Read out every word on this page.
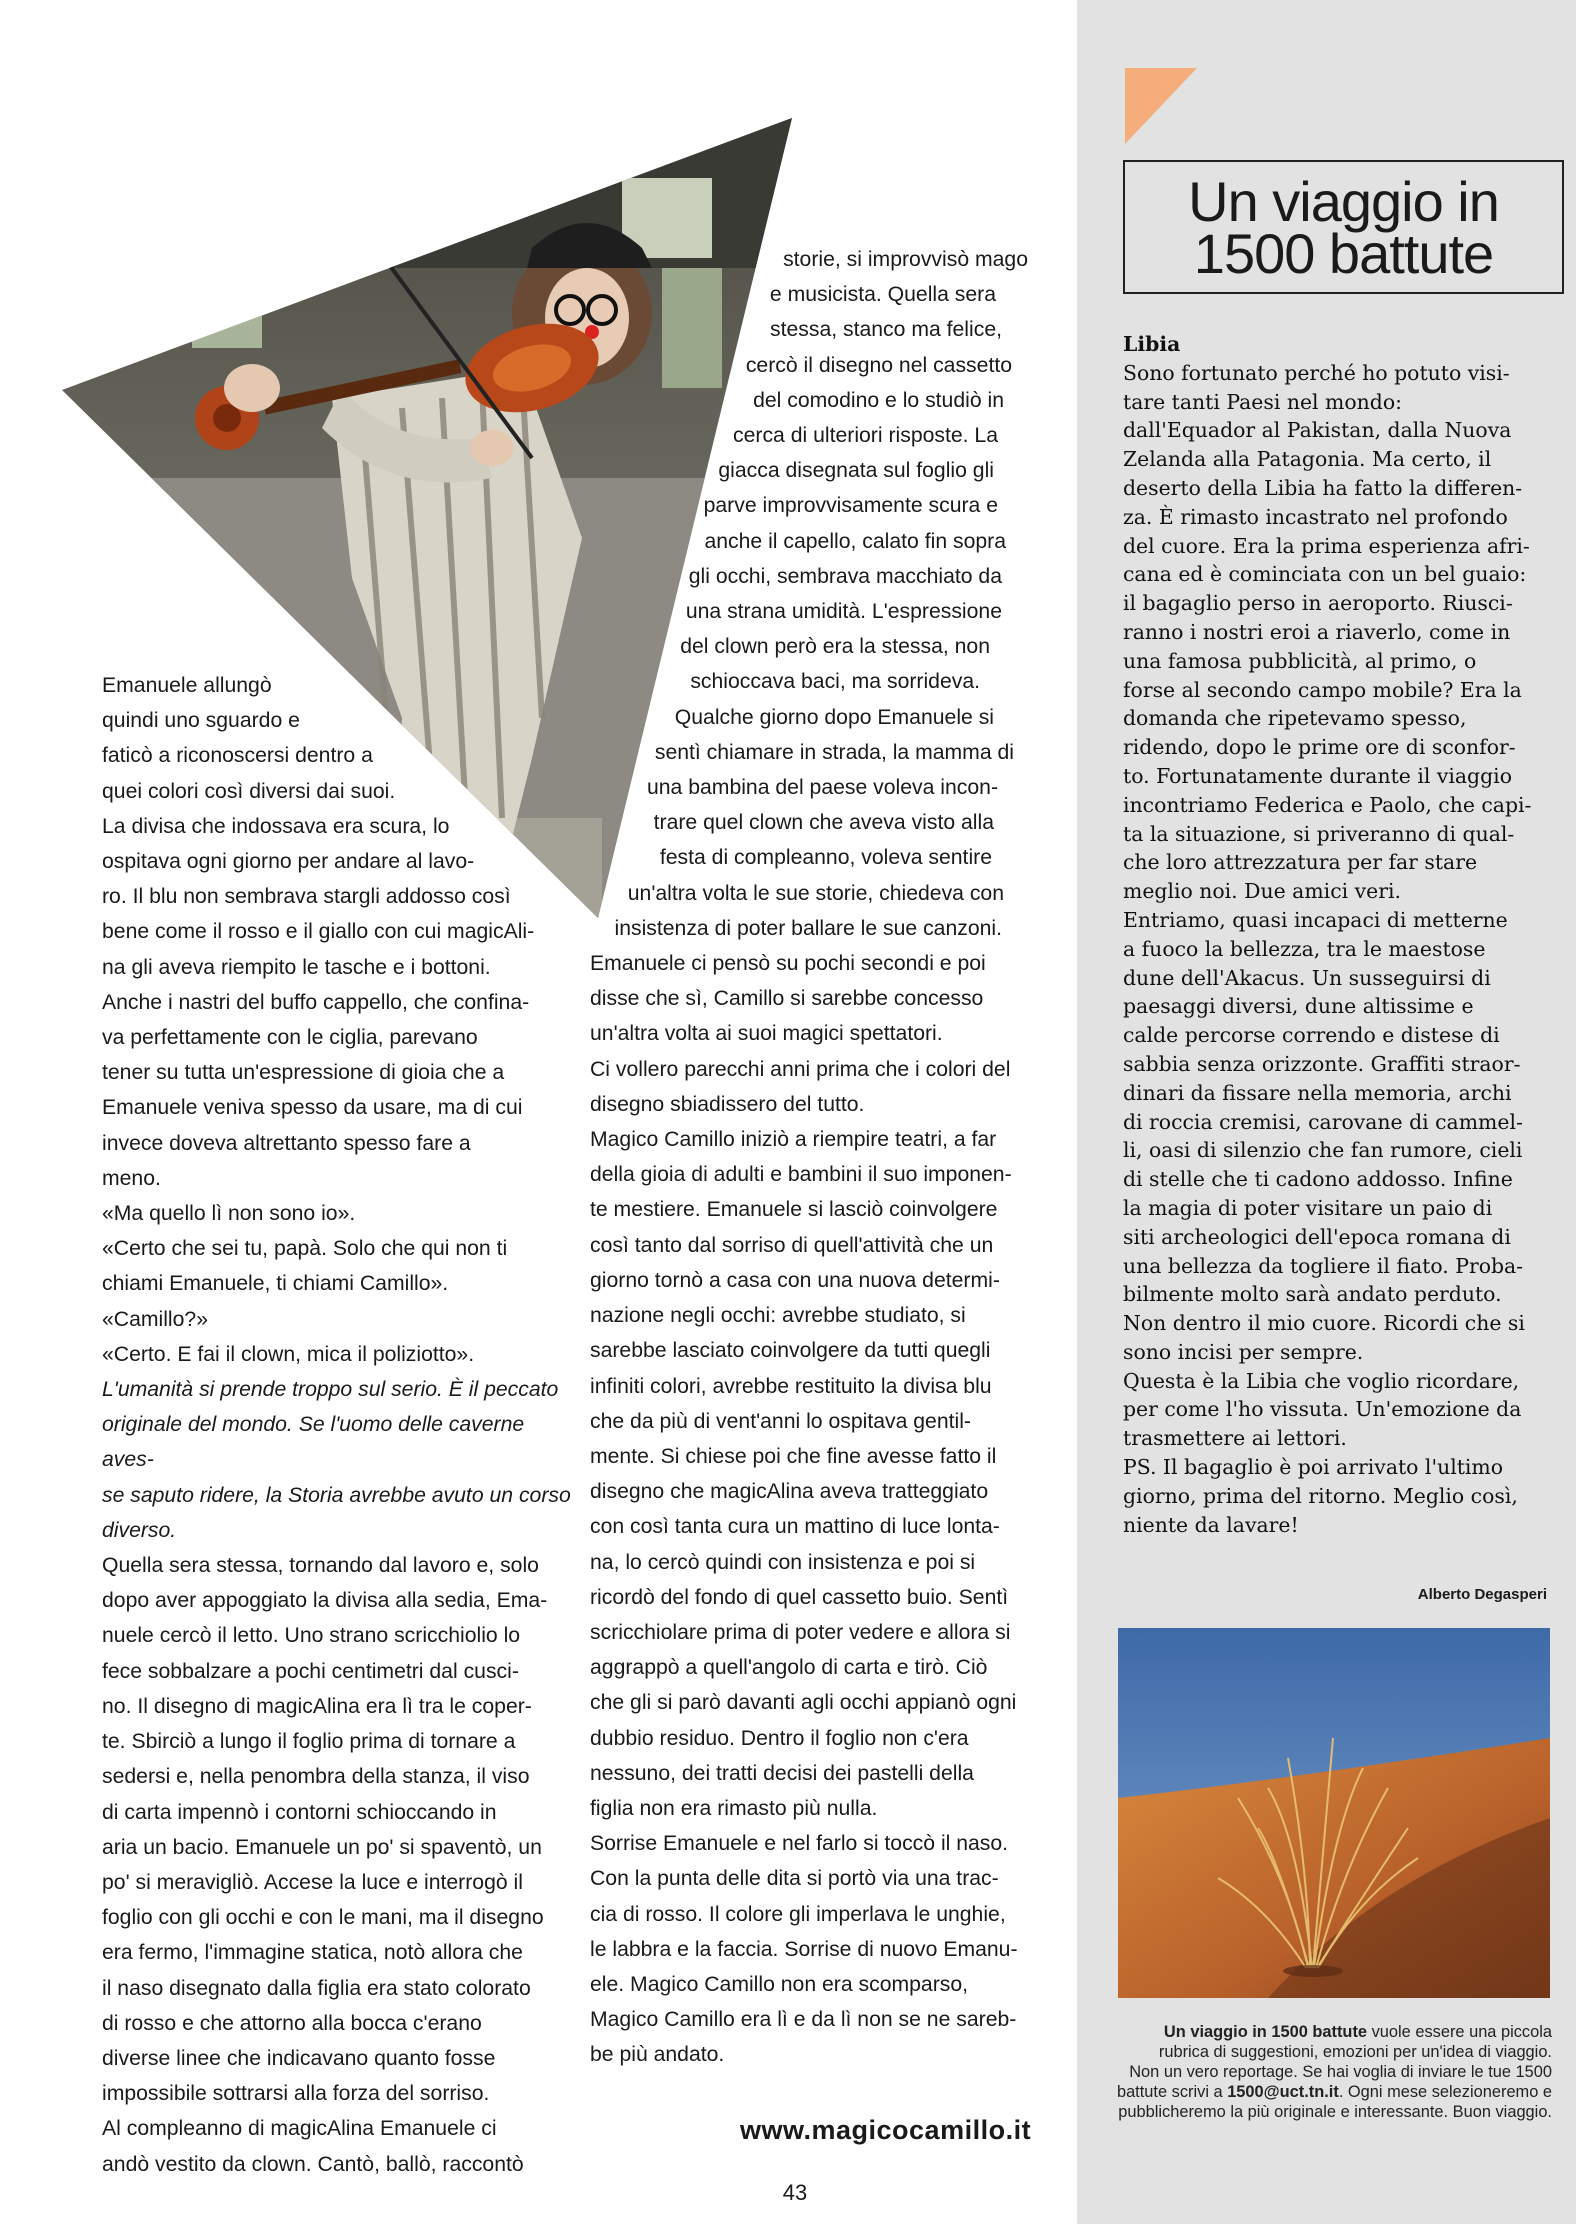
Emanuele allungò
quindi uno sguardo e
faticò a riconoscersi dentro a
quei colori così diversi dai suoi.
La divisa che indossava era scura, lo
ospitava ogni giorno per andare al lavo-
ro. Il blu non sembrava stargli addosso così
bene come il rosso e il giallo con cui magicAli-
na gli aveva riempito le tasche e i bottoni.
Anche i nastri del buffo cappello, che confina-
va perfettamente con le ciglia, parevano
tener su tutta un'espressione di gioia che a
Emanuele veniva spesso da usare, ma di cui
invece doveva altrettanto spesso fare a
meno.
«Ma quello lì non sono io».
«Certo che sei tu, papà. Solo che qui non ti
chiami Emanuele, ti chiami Camillo».
«Camillo?»
«Certo. E fai il clown, mica il poliziotto».
L'umanità si prende troppo sul serio. È il peccato
originale del mondo. Se l'uomo delle caverne aves-
se saputo ridere, la Storia avrebbe avuto un corso
diverso.
Quella sera stessa, tornando dal lavoro e, solo
dopo aver appoggiato la divisa alla sedia, Ema-
nuele cercò il letto. Uno strano scricchiolio lo
fece sobbalzare a pochi centimetri dal cusci-
no. Il disegno di magicAlina era lì tra le coper-
te. Sbirciò a lungo il foglio prima di tornare a
sedersi e, nella penombra della stanza, il viso
di carta impennò i contorni schioccando in
aria un bacio. Emanuele un po' si spaventò, un
po' si meravigliò. Accese la luce e interrogò il
foglio con gli occhi e con le mani, ma il disegno
era fermo, l'immagine statica, notò allora che
il naso disegnato dalla figlia era stato colorato
di rosso e che attorno alla bocca c'erano
diverse linee che indicavano quanto fosse
impossibile sottrarsi alla forza del sorriso.
Al compleanno di magicAlina Emanuele ci
andò vestito da clown. Cantò, ballò, raccontò
storie, si improvvisò mago
e musicista. Quella sera
stessa, stanco ma felice,
cercò il disegno nel cassetto
del comodino e lo studiò in
cerca di ulteriori risposte. La
giacca disegnata sul foglio gli
parve improvvisamente scura e
anche il capello, calato fin sopra
gli occhi, sembrava macchiato da
una strana umidità. L'espressione
del clown però era la stessa, non
schioccava baci, ma sorrideva.
Qualche giorno dopo Emanuele si
sentì chiamare in strada, la mamma di
una bambina del paese voleva incon-
trare quel clown che aveva visto alla
festa di compleanno, voleva sentire
un'altra volta le sue storie, chiedeva con
insistenza di poter ballare le sue canzoni.
Emanuele ci pensò su pochi secondi e poi
disse che sì, Camillo si sarebbe concesso
un'altra volta ai suoi magici spettatori.
Ci vollero parecchi anni prima che i colori del
disegno sbiadissero del tutto.
Magico Camillo iniziò a riempire teatri, a far
della gioia di adulti e bambini il suo imponen-
te mestiere. Emanuele si lasciò coinvolgere
così tanto dal sorriso di quell'attività che un
giorno tornò a casa con una nuova determi-
nazione negli occhi: avrebbe studiato, si
sarebbe lasciato coinvolgere da tutti quegli
infiniti colori, avrebbe restituito la divisa blu
che da più di vent'anni lo ospitava gentil-
mente. Si chiese poi che fine avesse fatto il
disegno che magicAlina aveva tratteggiato
con così tanta cura un mattino di luce lonta-
na, lo cercò quindi con insistenza e poi si
ricordò del fondo di quel cassetto buio. Sentì
scricchiolare prima di poter vedere e allora si
aggrappò a quell'angolo di carta e tirò. Ciò
che gli si parò davanti agli occhi appianò ogni
dubbio residuo. Dentro il foglio non c'era
nessuno, dei tratti decisi dei pastelli della
figlia non era rimasto più nulla.
Sorrise Emanuele e nel farlo si toccò il naso.
Con la punta delle dita si portò via una trac-
cia di rosso. Il colore gli imperlava le unghie,
le labbra e la faccia. Sorrise di nuovo Emanu-
ele. Magico Camillo non era scomparso,
Magico Camillo era lì e da lì non se ne sareb-
be più andato.
www.magicocamillo.it
43
Un viaggio in
1500 battute
Libia
Sono fortunato perché ho potuto visi-
tare tanti Paesi nel mondo:
dall'Equador al Pakistan, dalla Nuova
Zelanda alla Patagonia. Ma certo, il
deserto della Libia ha fatto la differen-
za. È rimasto incastrato nel profondo
del cuore. Era la prima esperienza afri-
cana ed è cominciata con un bel guaio:
il bagaglio perso in aeroporto. Riusci-
ranno i nostri eroi a riaverlo, come in
una famosa pubblicità, al primo, o
forse al secondo campo mobile? Era la
domanda che ripetevamo spesso,
ridendo, dopo le prime ore di sconfor-
to. Fortunatamente durante il viaggio
incontriamo Federica e Paolo, che capi-
ta la situazione, si priveranno di qual-
che loro attrezzatura per far stare
meglio noi. Due amici veri.
Entriamo, quasi incapaci di metterne
a fuoco la bellezza, tra le maestose
dune dell'Akacus. Un susseguirsi di
paesaggi diversi, dune altissime e
calde percorse correndo e distese di
sabbia senza orizzonte. Graffiti straor-
dinari da fissare nella memoria, archi
di roccia cremisi, carovane di cammel-
li, oasi di silenzio che fan rumore, cieli
di stelle che ti cadono addosso. Infine
la magia di poter visitare un paio di
siti archeologici dell'epoca romana di
una bellezza da togliere il fiato. Proba-
bilmente molto sarà andato perduto.
Non dentro il mio cuore. Ricordi che si
sono incisi per sempre.
Questa è la Libia che voglio ricordare,
per come l'ho vissuta. Un'emozione da
trasmettere ai lettori.
PS. Il bagaglio è poi arrivato l'ultimo
giorno, prima del ritorno. Meglio così,
niente da lavare!
Alberto Degasperi
Un viaggio in 1500 battute vuole essere una piccola
rubrica di suggestioni, emozioni per un'idea di viaggio.
Non un vero reportage. Se hai voglia di inviare le tue 1500
battute scrivi a 1500@uct.tn.it. Ogni mese selezioneremo e
pubblicheremo la più originale e interessante. Buon viaggio.
